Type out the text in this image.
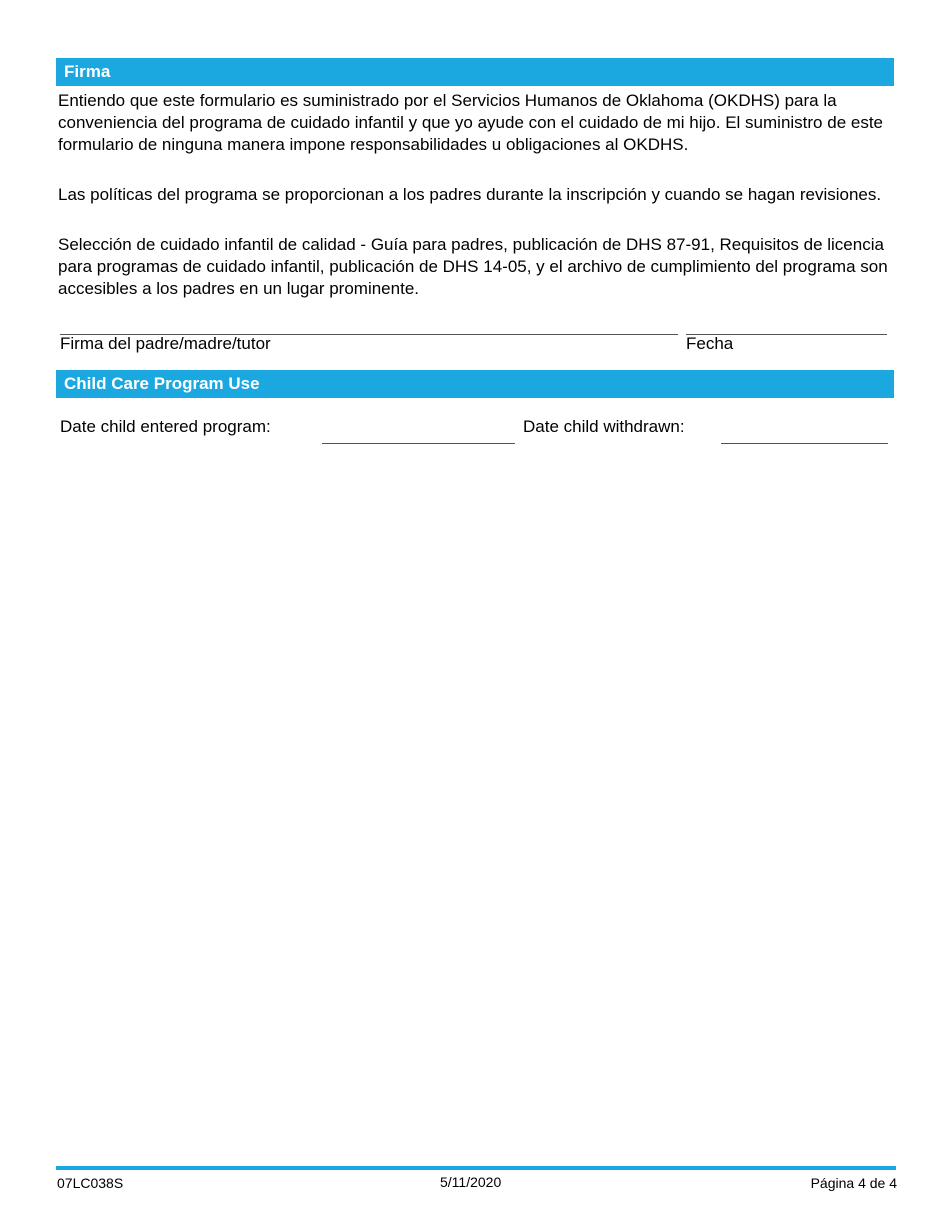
Firma

Entiendo que este formulario es suministrado por el Servicios Humanos de Oklahoma (OKDHS) para la conveniencia del programa de cuidado infantil y que yo ayude con el cuidado de mi hijo. El suministro de este formulario de ninguna manera impone responsabilidades u obligaciones al OKDHS.

Las políticas del programa se proporcionan a los padres durante la inscripción y cuando se hagan revisiones.

Selección de cuidado infantil de calidad - Guía para padres, publicación de DHS 87-91, Requisitos de licencia para programas de cuidado infantil, publicación de DHS 14-05, y el archivo de cumplimiento del programa son accesibles a los padres en un lugar prominente.

Firma del padre/madre/tutor	Fecha
Child Care Program Use
Date child entered program:	Date child withdrawn:
07LC038S	5/11/2020	Página 4 de 4
